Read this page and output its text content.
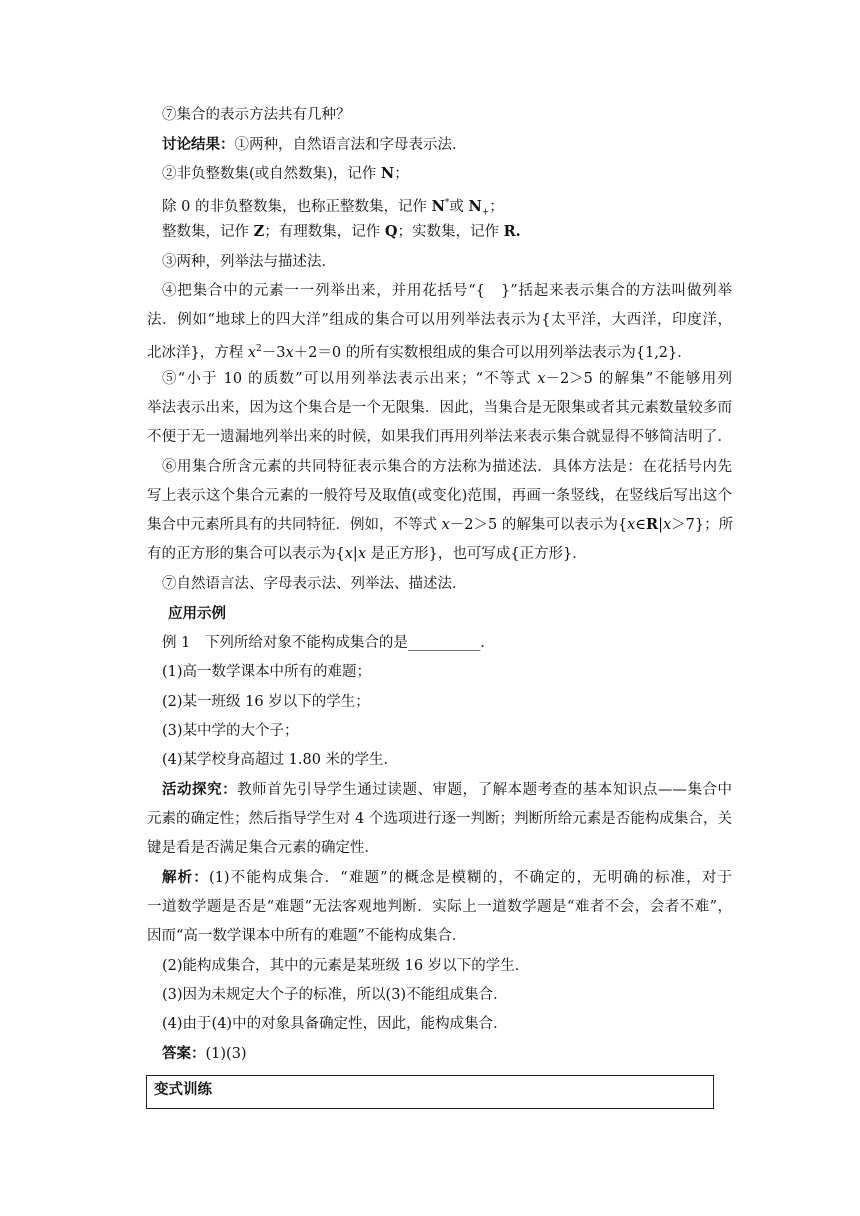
⑦集合的表示方法共有几种？
讨论结果：①两种，自然语言法和字母表示法．
②非负整数集(或自然数集)，记作 N；
除 0 的非负整数集，也称正整数集，记作 N*或 $N_+$；
整数集，记作 Z；有理数集，记作 Q；实数集，记作 R.
③两种，列举法与描述法．
④把集合中的元素一一列举出来，并用花括号“{　}”括起来表示集合的方法叫做列举
法．例如“地球上的四大洋”组成的集合可以用列举法表示为{太平洋，大西洋，印度洋，
北冰洋}，方程 $x^2-3x+2=0$ 的所有实数根组成的集合可以用列举法表示为{1,2}．
⑤“小于 10 的质数”可以用列举法表示出来；“不等式 x－2＞5 的解集”不能够用列
举法表示出来，因为这个集合是一个无限集．因此，当集合是无限集或者其元素数量较多而
不便于无一遗漏地列举出来的时候，如果我们再用列举法来表示集合就显得不够简洁明了．
⑥用集合所含元素的共同特征表示集合的方法称为描述法．具体方法是：在花括号内先
写上表示这个集合元素的一般符号及取值(或变化)范围，再画一条竖线，在竖线后写出这个
集合中元素所具有的共同特征．例如，不等式 x－2＞5 的解集可以表示为{x∈R|x＞7}；所
有的正方形的集合可以表示为{x|x 是正方形}，也可写成{正方形}．
⑦自然语言法、字母表示法、列举法、描述法．
应用示例
例 1　下列所给对象不能构成集合的是__________．
(1)高一数学课本中所有的难题；
(2)某一班级 16 岁以下的学生；
(3)某中学的大个子；
(4)某学校身高超过 1.80 米的学生．
活动探究：教师首先引导学生通过读题、审题，了解本题考查的基本知识点——集合中
元素的确定性；然后指导学生对 4 个选项进行逐一判断；判断所给元素是否能构成集合，关
键是看是否满足集合元素的确定性．
解析：(1)不能构成集合．“难题”的概念是模糊的，不确定的，无明确的标准，对于
一道数学题是否是“难题”无法客观地判断．实际上一道数学题是“难者不会，会者不难”，
因而“高一数学课本中所有的难题”不能构成集合．
(2)能构成集合，其中的元素是某班级 16 岁以下的学生．
(3)因为未规定大个子的标准，所以(3)不能组成集合．
(4)由于(4)中的对象具备确定性，因此，能构成集合．
答案：(1)(3)
变式训练
